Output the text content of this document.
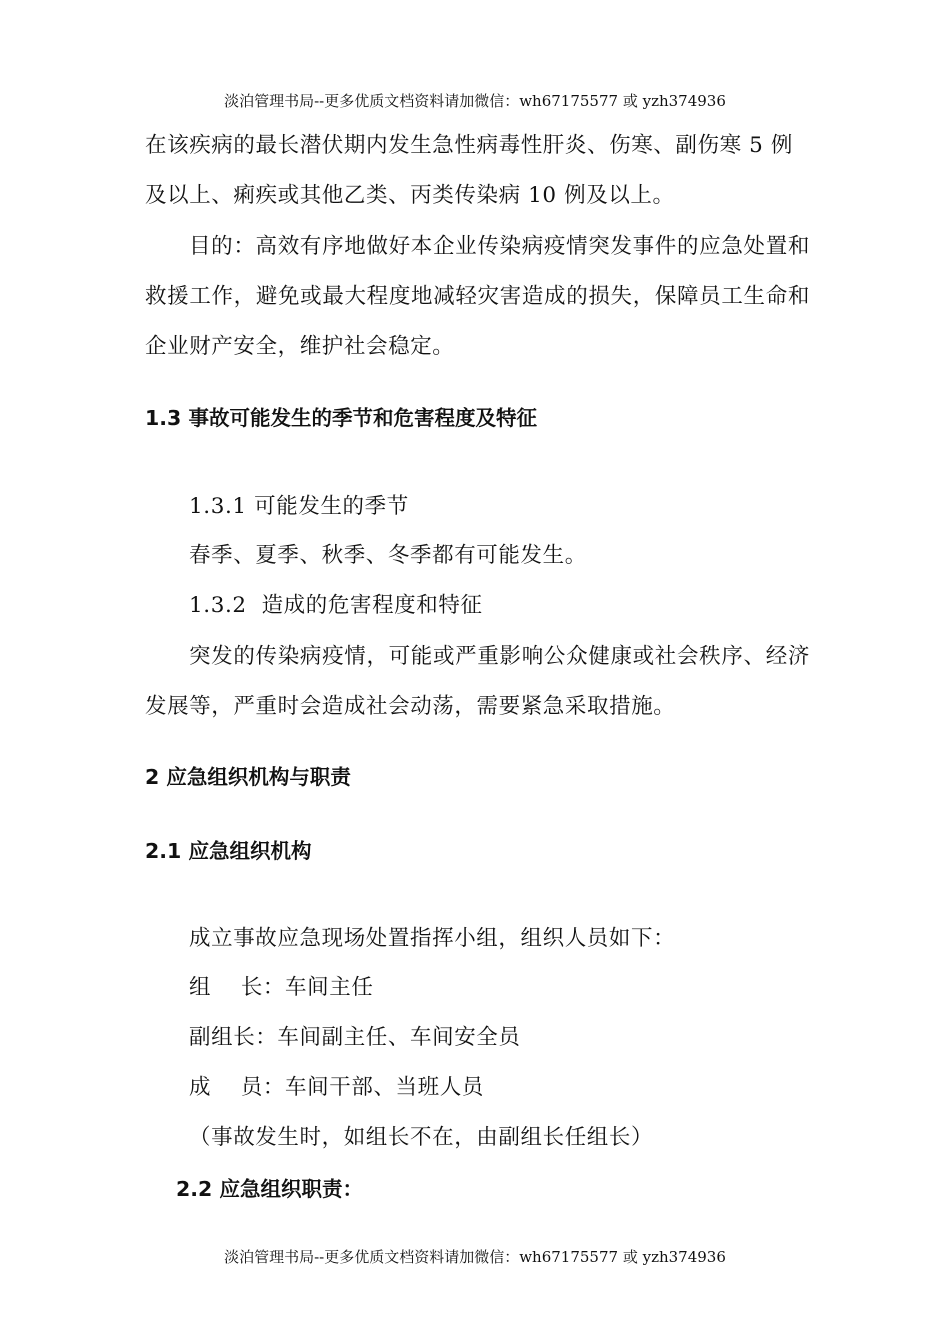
淡泊管理书局--更多优质文档资料请加微信：wh67175577 或 yzh374936
在该疾病的最长潜伏期内发生急性病毒性肝炎、伤寒、副伤寒 5 例
及以上、痢疾或其他乙类、丙类传染病 10 例及以上。
目的：高效有序地做好本企业传染病疫情突发事件的应急处置和救援工作，避免或最大程度地减轻灾害造成的损失，保障员工生命和企业财产安全，维护社会稳定。
1.3 事故可能发生的季节和危害程度及特征
1.3.1 可能发生的季节
春季、夏季、秋季、冬季都有可能发生。
1.3.2  造成的危害程度和特征
突发的传染病疫情，可能或严重影响公众健康或社会秩序、经济发展等，严重时会造成社会动荡，需要紧急采取措施。
2 应急组织机构与职责
2.1 应急组织机构
成立事故应急现场处置指挥小组，组织人员如下：
组    长：车间主任
副组长：车间副主任、车间安全员
成    员：车间干部、当班人员
（事故发生时，如组长不在，由副组长任组长）
2.2 应急组织职责：
淡泊管理书局--更多优质文档资料请加微信：wh67175577 或 yzh374936
